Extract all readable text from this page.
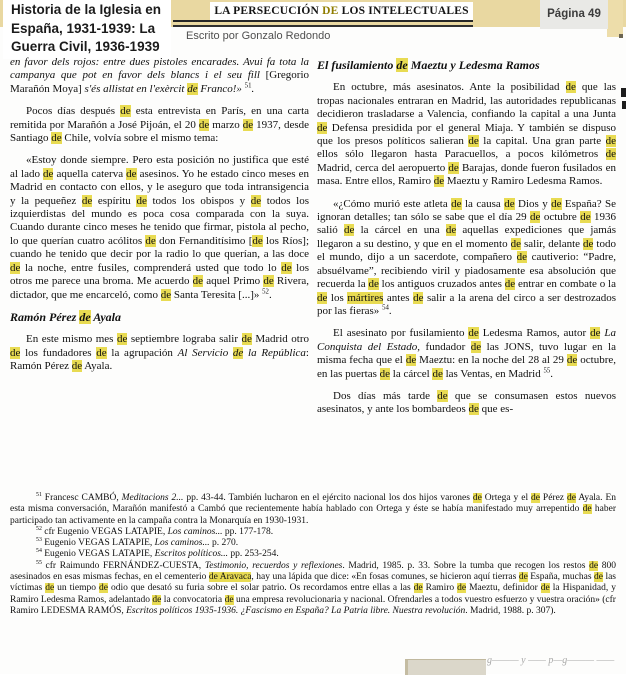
Historia de la Iglesia en España, 1931-1939: La Guerra Civil, 1936-1939
LA PERSECUCIÓN DE LOS INTELECTUALES	Página 49
Escrito por Gonzalo Redondo

en favor dels rojos: entre dues pistoles encarades. Avui fa tota la campanya que pot en favor dels blancs i el seu fill [Gregorio Marañón Moya] s'és allistat en l'exèrcit de Franco!» $^{51}$.

Pocos días después de esta entrevista en París, en una carta remitida por Marañón a José Pijoán, el 20 de marzo de 1937, desde Santiago de Chile, volvía sobre el mismo tema:

«Estoy donde siempre. Pero esta posición no justifica que esté al lado de aquella caterva de asesinos. Yo he estado cinco meses en Madrid en contacto con ellos, y le aseguro que toda intransigencia y la pequeñez de espíritu de todos los obispos y de todos los izquierdistas del mundo es poca cosa comparada con la suya. Cuando durante cinco meses he tenido que firmar, pistola al pecho, lo que querían cuatro acólitos de don Fernanditísimo [de los Ríos]; cuando he tenido que decir por la radio lo que querían, a las doce de la noche, entre fusiles, comprenderá usted que todo lo de los otros me parece una broma. Me acuerdo de aquel Primo de Rivera, dictador, que me encarceló, como de Santa Teresita [...]» $^{52}$.

Ramón Pérez de Ayala

En este mismo mes de septiembre lograba salir de Madrid otro de los fundadores de la agrupación Al Servicio de la República: Ramón Pérez de Ayala.

El fusilamiento de Maeztu y Ledesma Ramos

En octubre, más asesinatos. Ante la posibilidad de que las tropas nacionales entraran en Madrid, las autoridades republicanas decidieron trasladarse a Valencia, confiando la capital a una Junta de Defensa presidida por el general Miaja. Y también se dispuso que los presos políticos salieran de la capital. Una gran parte de ellos sólo llegaron hasta Paracuellos, a pocos kilómetros de Madrid, cerca del aeropuerto de Barajas, donde fueron fusilados en masa. Entre ellos, Ramiro de Maeztu y Ramiro Ledesma Ramos.

«¿Cómo murió este atleta de la causa de Dios y de España? Se ignoran detalles; tan sólo se sabe que el día 29 de octubre de 1936 salió de la cárcel en una de aquellas expediciones que jamás llegaron a su destino, y que en el momento de salir, delante de todo el mundo, dijo a un sacerdote, compañero de cautiverio: “Padre, absuélvame”, recibiendo viril y piadosamente esa absolución que recuerda la de los antiguos cruzados antes de entrar en combate o la de los mártires antes de salir a la arena del circo a ser destrozados por las fieras» $^{54}$.

El asesinato por fusilamiento de Ledesma Ramos, autor de La Conquista del Estado, fundador de las JONS, tuvo lugar en la misma fecha que el de Maeztu: en la noche del 28 al 29 de octubre, en las puertas de la cárcel de las Ventas, en Madrid $^{55}$.

Dos días más tarde de que se consumasen estos nuevos asesinatos, y ante los bombardeos de que es-

$^{51}$ Francesc CAMBÓ, Meditacions 2... pp. 43-44. También lucharon en el ejército nacional los dos hijos varones de Ortega y el de Pérez de Ayala. En esta misma conversación, Marañón manifestó a Cambó que recientemente había hablado con Ortega y éste se había manifestado muy arrepentido de haber participado tan activamente en la campaña contra la Monarquía en 1930-1931.

$^{52}$ cfr Eugenio VEGAS LATAPIE, Los caminos... pp. 177-178.

$^{53}$ Eugenio VEGAS LATAPIE, Los caminos... p. 270.

$^{54}$ Eugenio VEGAS LATAPIE, Escritos políticos... pp. 253-254.

$^{55}$ cfr Raimundo FERNÁNDEZ-CUESTA, Testimonio, recuerdos y reflexiones. Madrid, 1985. p. 33. Sobre la tumba que recogen los restos de 800 asesinados en esas mismas fechas, en el cementerio de Aravaca, hay una lápida que dice: «En fosas comunes, se hicieron aquí tierras de España, muchas de las víctimas de un tiempo de odio que desató su furia sobre el solar patrio. Os recordamos entre ellas a las de Ramiro de Maeztu, definidor de la Hispanidad, y Ramiro Ledesma Ramos, adelantado de la convocatoria de una empresa revolucionaria y nacional. Ofrendarles a todos vuestro esfuerzo y vuestra oración» (cfr Ramiro LEDESMA RAMÓS, Escritos políticos 1935-1936. ¿Fascismo en España? La Patria libre. Nuestra revolución. Madrid, 1988. p. 307).

g——— y —— p—g——— ——
